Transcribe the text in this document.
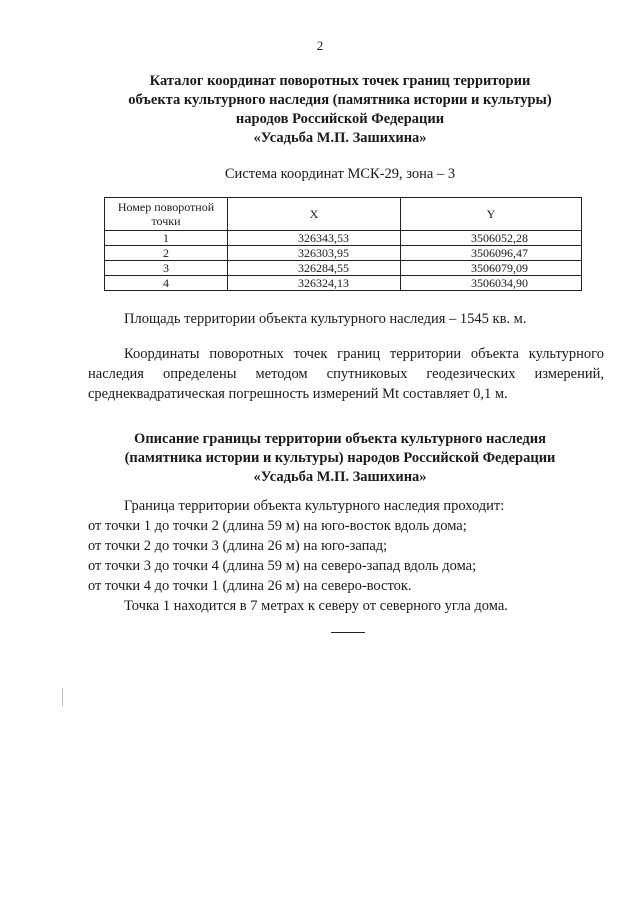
2
Каталог координат поворотных точек границ территории
объекта культурного наследия (памятника истории и культуры)
народов Российской Федерации
«Усадьба М.П. Зашихина»
Система координат МСК-29, зона – 3
Номер поворотной точки	X	Y
1	326343,53	3506052,28
2	326303,95	3506096,47
3	326284,55	3506079,09
4	326324,13	3506034,90
Площадь территории объекта культурного наследия – 1545 кв. м.
Координаты поворотных точек границ территории объекта культурного наследия определены методом спутниковых геодезических измерений, среднеквадратическая погрешность измерений Mt составляет 0,1 м.
Описание границы территории объекта культурного наследия
(памятника истории и культуры) народов Российской Федерации
«Усадьба М.П. Зашихина»
Граница территории объекта культурного наследия проходит:
от точки 1 до точки 2 (длина 59 м) на юго-восток вдоль дома;
от точки 2 до точки 3 (длина 26 м) на юго-запад;
от точки 3 до точки 4 (длина 59 м) на северо-запад вдоль дома;
от точки 4 до точки 1 (длина 26 м) на северо-восток.
Точка 1 находится в 7 метрах к северу от северного угла дома.
